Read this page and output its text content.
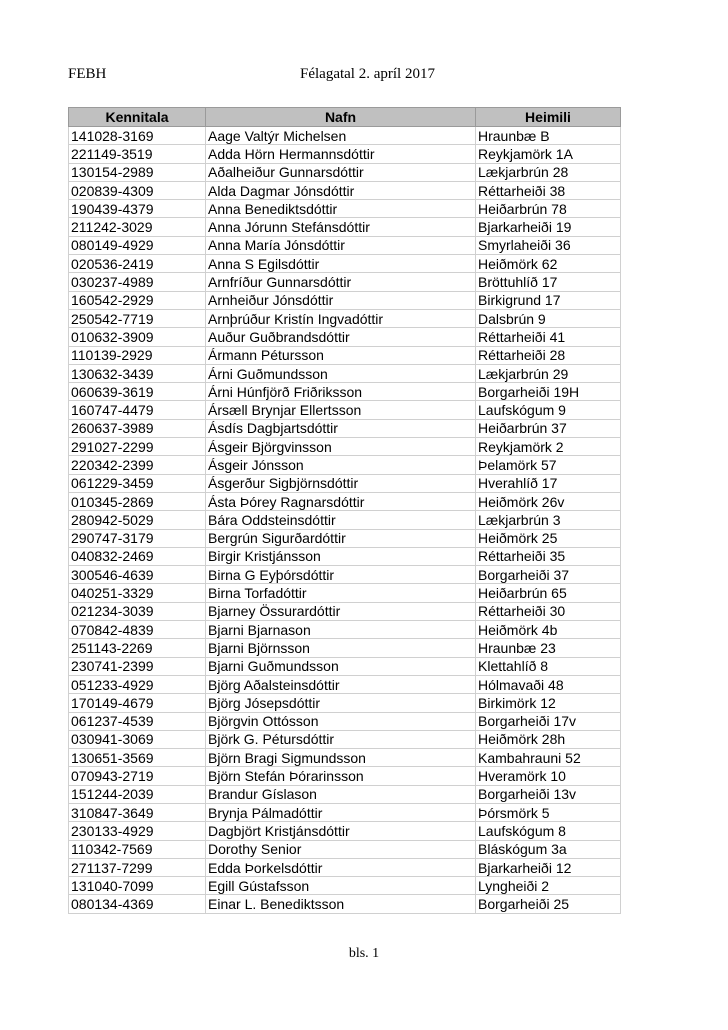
FEBH	Félagatal 2. apríl 2017
Kennitala	Nafn	Heimili
141028-3169	Aage Valtýr Michelsen	Hraunbæ B
221149-3519	Adda Hörn Hermannsdóttir	Reykjamörk 1A
130154-2989	Aðalheiður Gunnarsdóttir	Lækjarbrún 28
020839-4309	Alda Dagmar Jónsdóttir	Réttarheiði 38
190439-4379	Anna Benediktsdóttir	Heiðarbrún 78
211242-3029	Anna Jórunn Stefánsdóttir	Bjarkarheiði 19
080149-4929	Anna María Jónsdóttir	Smyrlaheiði 36
020536-2419	Anna S Egilsdóttir	Heiðmörk 62
030237-4989	Arnfríður Gunnarsdóttir	Bröttuhlíð 17
160542-2929	Arnheiður Jónsdóttir	Birkigrund 17
250542-7719	Arnþrúður Kristín Ingvadóttir	Dalsbrún 9
010632-3909	Auður Guðbrandsdóttir	Réttarheiði 41
110139-2929	Ármann Pétursson	Réttarheiði 28
130632-3439	Árni Guðmundsson	Lækjarbrún 29
060639-3619	Árni Húnfjörð Friðriksson	Borgarheiði 19H
160747-4479	Ársæll Brynjar Ellertsson	Laufskógum 9
260637-3989	Ásdís Dagbjartsdóttir	Heiðarbrún 37
291027-2299	Ásgeir Björgvinsson	Reykjamörk 2
220342-2399	Ásgeir Jónsson	Þelamörk 57
061229-3459	Ásgerður Sigbjörnsdóttir	Hverahlíð 17
010345-2869	Ásta Þórey Ragnarsdóttir	Heiðmörk 26v
280942-5029	Bára Oddsteinsdóttir	Lækjarbrún 3
290747-3179	Bergrún Sigurðardóttir	Heiðmörk 25
040832-2469	Birgir Kristjánsson	Réttarheiði 35
300546-4639	Birna G Eyþórsdóttir	Borgarheiði 37
040251-3329	Birna Torfadóttir	Heiðarbrún 65
021234-3039	Bjarney Össurardóttir	Réttarheiði 30
070842-4839	Bjarni Bjarnason	Heiðmörk 4b
251143-2269	Bjarni Björnsson	Hraunbæ 23
230741-2399	Bjarni Guðmundsson	Klettahlíð 8
051233-4929	Björg Aðalsteinsdóttir	Hólmavaði 48
170149-4679	Björg Jósepsdóttir	Birkimörk 12
061237-4539	Björgvin Ottósson	Borgarheiði 17v
030941-3069	Björk G. Pétursdóttir	Heiðmörk 28h
130651-3569	Björn Bragi Sigmundsson	Kambahrauni 52
070943-2719	Björn Stefán Þórarinsson	Hveramörk 10
151244-2039	Brandur Gíslason	Borgarheiði 13v
310847-3649	Brynja Pálmadóttir	Þórsmörk 5
230133-4929	Dagbjört Kristjánsdóttir	Laufskógum 8
110342-7569	Dorothy Senior	Bláskógum 3a
271137-7299	Edda Þorkelsdóttir	Bjarkarheiði 12
131040-7099	Egill Gústafsson	Lyngheiði 2
080134-4369	Einar L. Benediktsson	Borgarheiði 25
bls. 1
